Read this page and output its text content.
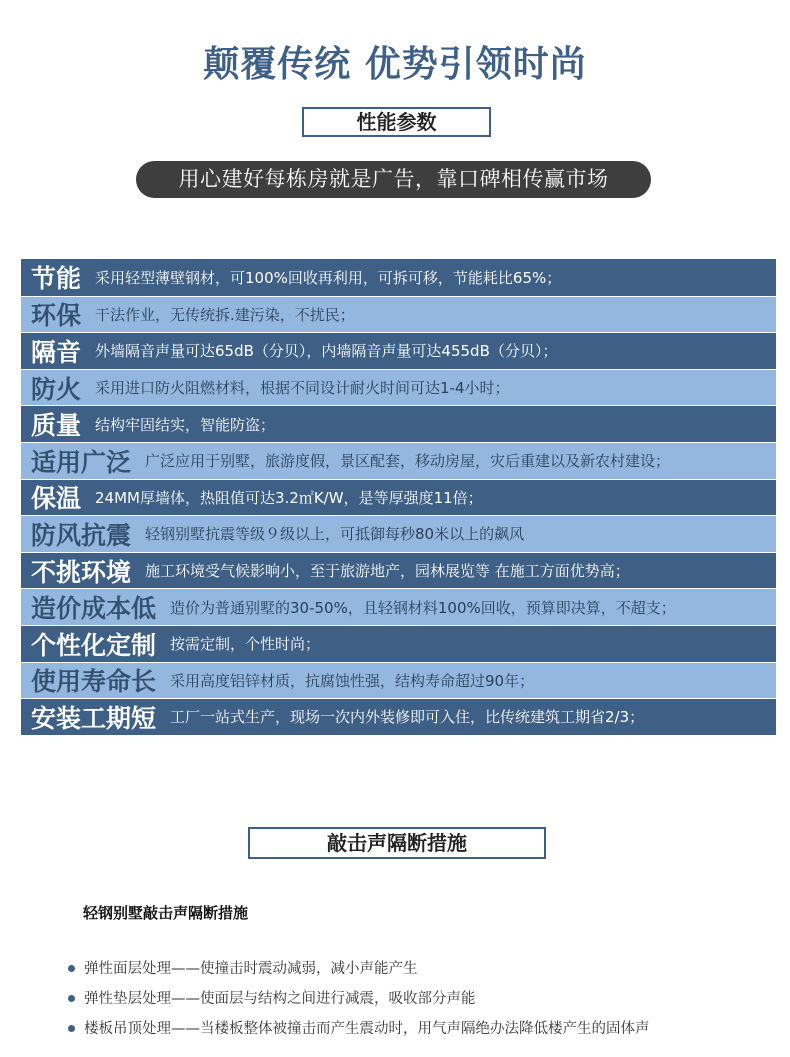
颠覆传统 优势引领时尚
性能参数
用心建好每栋房就是广告，靠口碑相传赢市场
节能 采用轻型薄壁钢材，可100%回收再利用，可拆可移，节能耗比65%；
环保 干法作业，无传统拆.建污染，不扰民；
隔音 外墙隔音声量可达65dB（分贝），内墙隔音声量可达455dB（分贝）；
防火 采用进口防火阻燃材料，根据不同设计耐火时间可达1-4小时；
质量 结构牢固结实，智能防盗；
适用广泛 广泛应用于别墅，旅游度假，景区配套，移动房屋，灾后重建以及新农村建设；
保温 24MM厚墙体，热阻值可达3.2㎡K/W，是等厚强度11倍；
防风抗震 轻钢别墅抗震等级９级以上，可抵御每秒80米以上的飙风
不挑环境 施工环境受气候影响小，至于旅游地产，园林展览等 在施工方面优势高；
造价成本低 造价为普通别墅的30-50%，且轻钢材料100%回收，预算即决算，不超支；
个性化定制 按需定制，个性时尚；
使用寿命长 采用高度铝锌材质，抗腐蚀性强，结构寿命超过90年；
安装工期短 工厂一站式生产，现场一次内外装修即可入住，比传统建筑工期省2/3；
敲击声隔断措施
轻钢别墅敲击声隔断措施
弹性面层处理——使撞击时震动减弱，减小声能产生
弹性垫层处理——使面层与结构之间进行减震，吸收部分声能
楼板吊顶处理——当楼板整体被撞击而产生震动时，用气声隔绝办法降低楼产生的固体声
